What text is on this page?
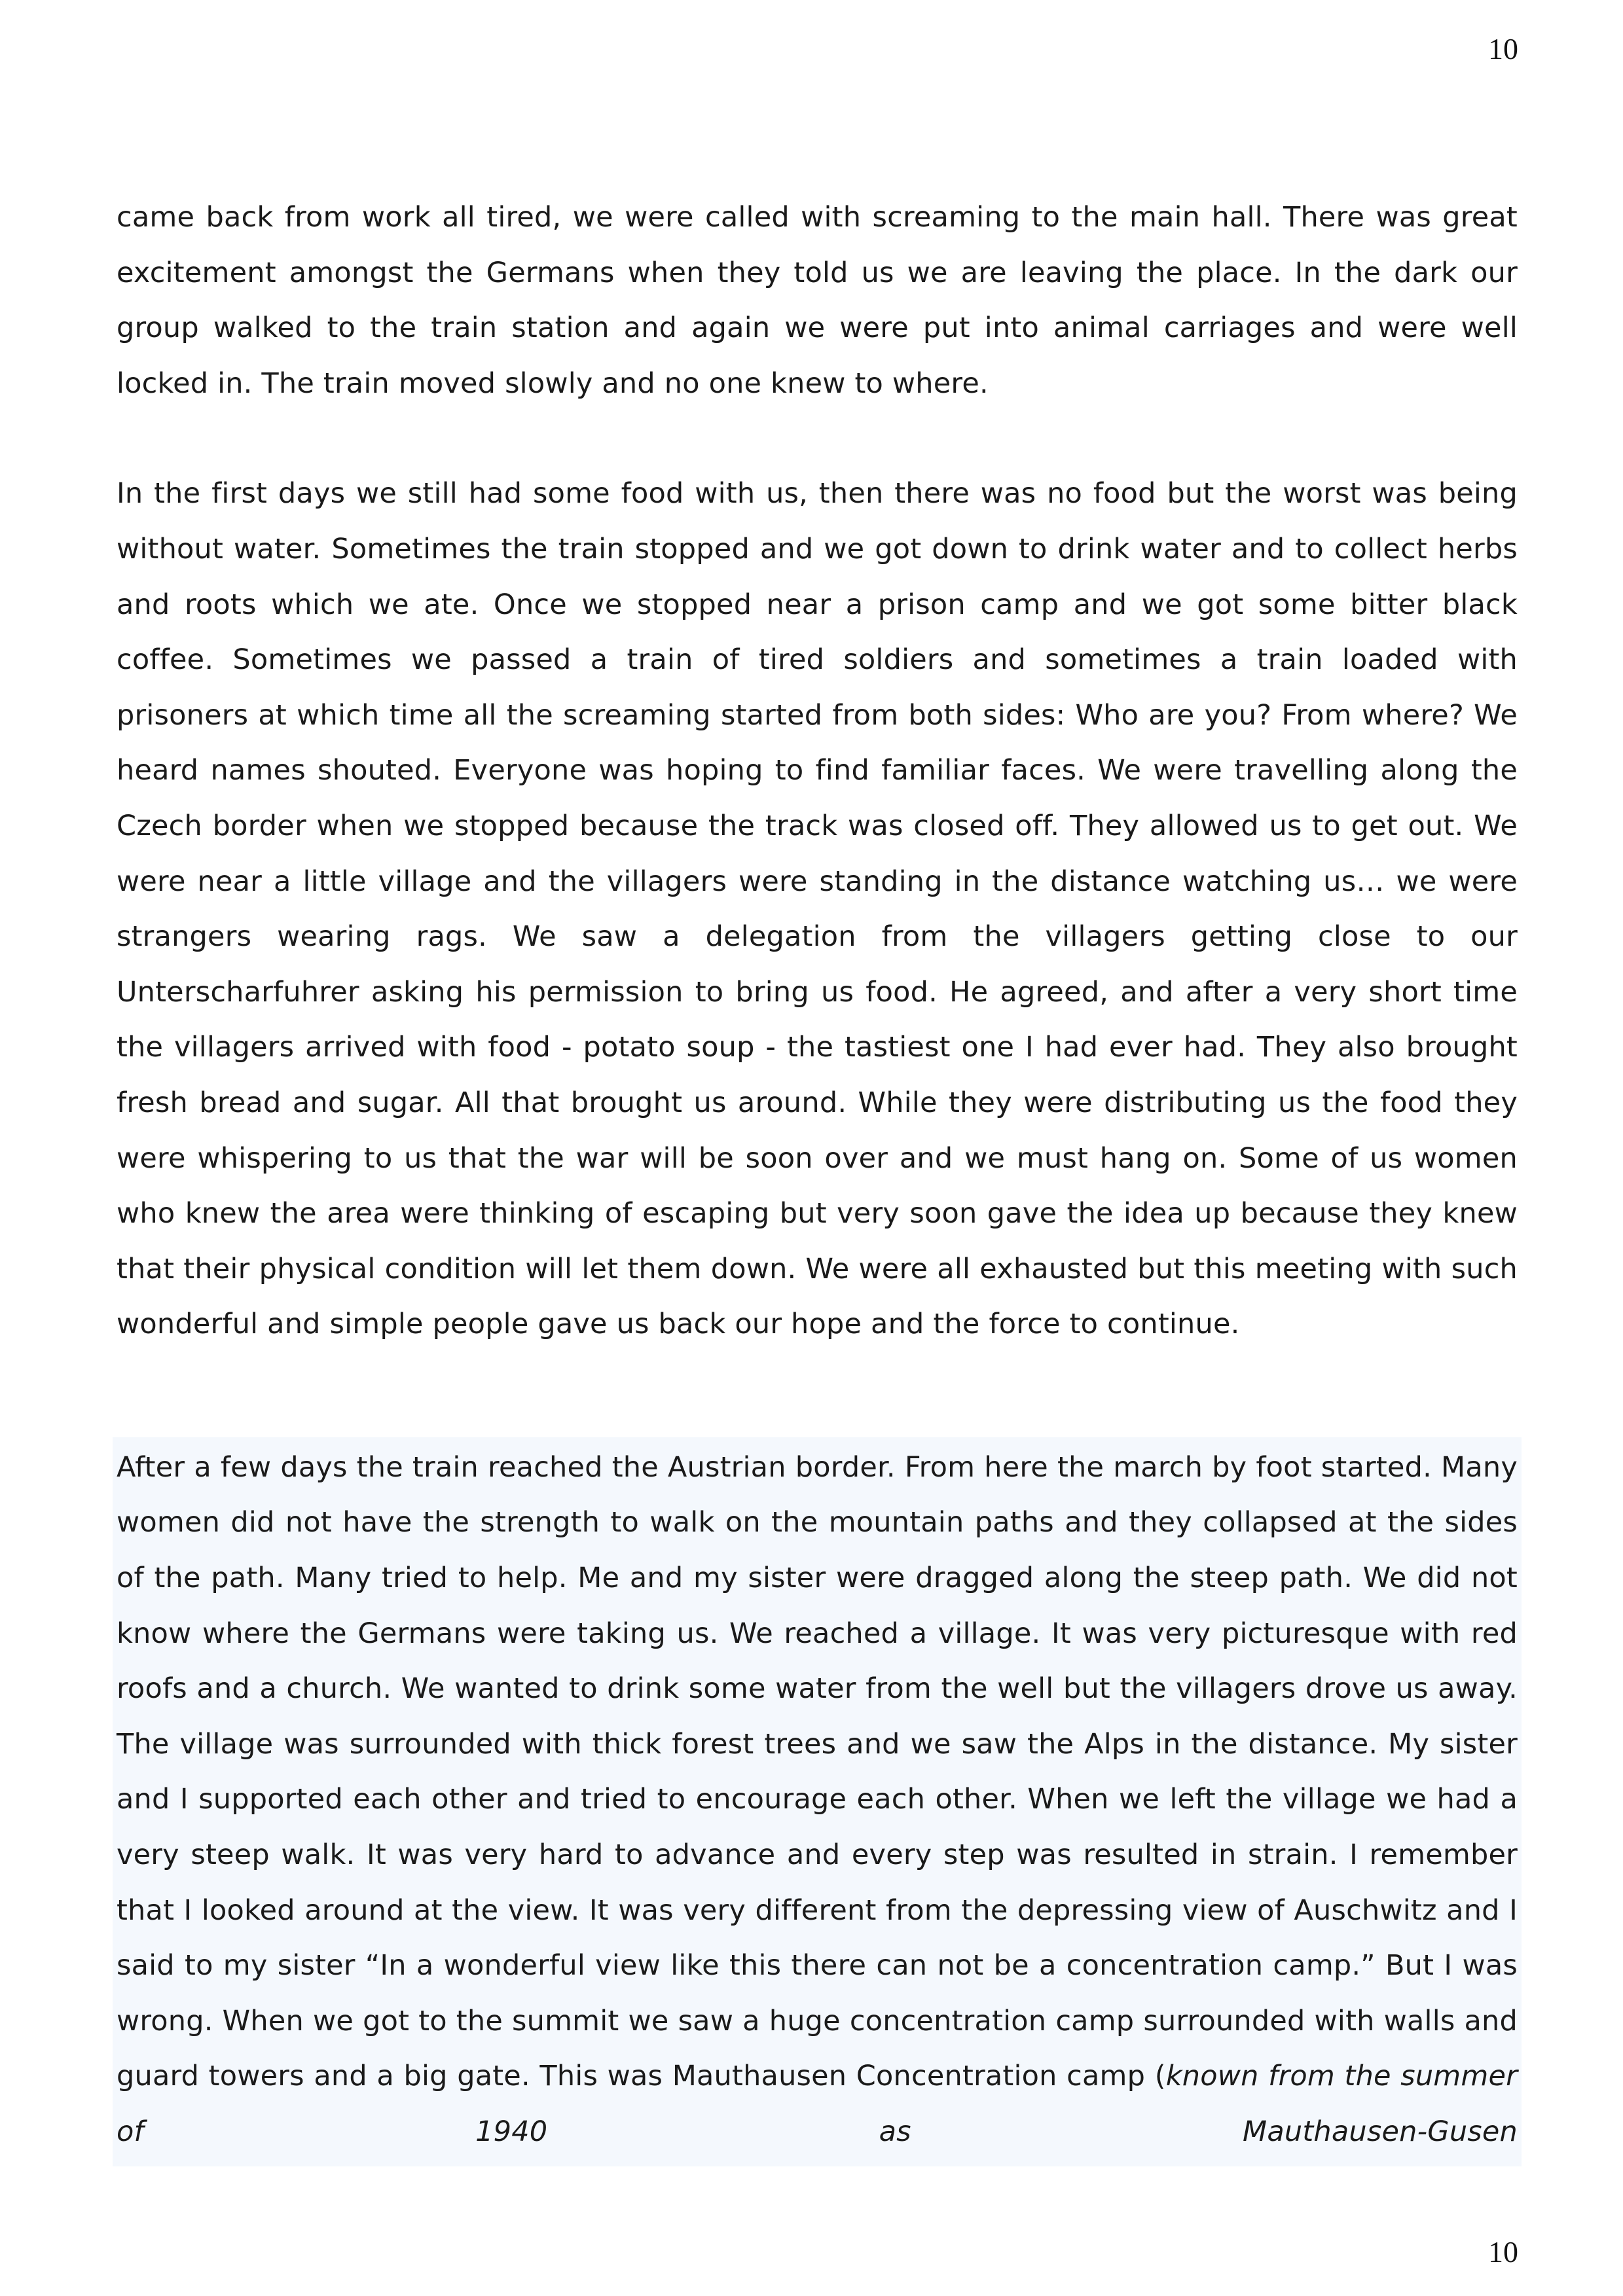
10

came back from work all tired, we were called with screaming to the main hall. There was great excitement amongst the Germans when they told us we are leaving the place. In the dark our group walked to the train station and again we were put into animal carriages and were well locked in. The train moved slowly and no one knew to where.

In the first days we still had some food with us, then there was no food but the worst was being without water. Sometimes the train stopped and we got down to drink water and to collect herbs and roots which we ate. Once we stopped near a prison camp and we got some bitter black coffee. Sometimes we passed a train of tired soldiers and sometimes a train loaded with prisoners at which time all the screaming started from both sides: Who are you? From where? We heard names shouted. Everyone was hoping to find familiar faces. We were travelling along the Czech border when we stopped because the track was closed off. They allowed us to get out. We were near a little village and the villagers were standing in the distance watching us… we were strangers wearing rags. We saw a delegation from the villagers getting close to our Unterscharfuhrer asking his permission to bring us food. He agreed, and after a very short time the villagers arrived with food - potato soup - the tastiest one I had ever had. They also brought fresh bread and sugar. All that brought us around. While they were distributing us the food they were whispering to us that the war will be soon over and we must hang on. Some of us women who knew the area were thinking of escaping but very soon gave the idea up because they knew that their physical condition will let them down. We were all exhausted but this meeting with such wonderful and simple people gave us back our hope and the force to continue.

After a few days the train reached the Austrian border. From here the march by foot started. Many women did not have the strength to walk on the mountain paths and they collapsed at the sides of the path. Many tried to help. Me and my sister were dragged along the steep path. We did not know where the Germans were taking us. We reached a village. It was very picturesque with red roofs and a church. We wanted to drink some water from the well but the villagers drove us away. The village was surrounded with thick forest trees and we saw the Alps in the distance. My sister and I supported each other and tried to encourage each other. When we left the village we had a very steep walk. It was very hard to advance and every step was resulted in strain. I remember that I looked around at the view. It was very different from the depressing view of Auschwitz and I said to my sister “In a wonderful view like this there can not be a concentration camp.” But I was wrong. When we got to the summit we saw a huge concentration camp surrounded with walls and guard towers and a big gate. This was Mauthausen Concentration camp (known from the summer of 1940 as Mauthausen-Gusen

10
